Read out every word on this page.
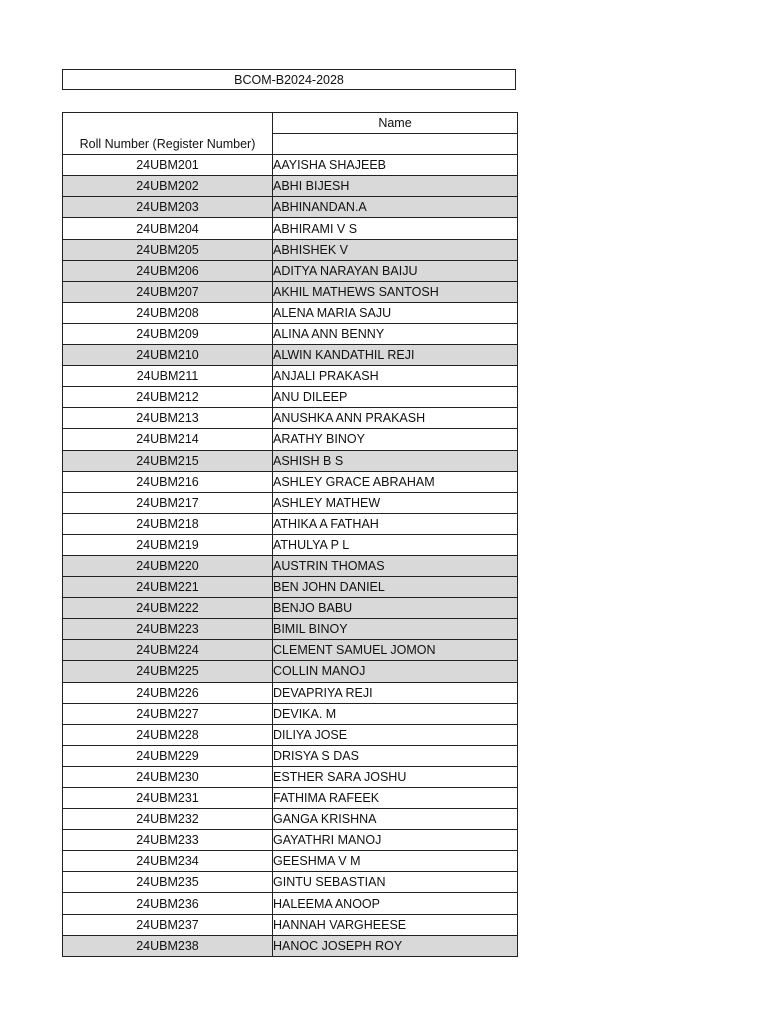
BCOM-B2024-2028
Roll Number (Register Number)	Name

24UBM201	AAYISHA SHAJEEB
24UBM202	ABHI BIJESH
24UBM203	ABHINANDAN.A
24UBM204	ABHIRAMI V S
24UBM205	ABHISHEK V
24UBM206	ADITYA NARAYAN BAIJU
24UBM207	AKHIL MATHEWS SANTOSH
24UBM208	ALENA MARIA SAJU
24UBM209	ALINA ANN BENNY
24UBM210	ALWIN KANDATHIL REJI
24UBM211	ANJALI PRAKASH
24UBM212	ANU DILEEP
24UBM213	ANUSHKA ANN PRAKASH
24UBM214	ARATHY BINOY
24UBM215	ASHISH B S
24UBM216	ASHLEY GRACE ABRAHAM
24UBM217	ASHLEY MATHEW
24UBM218	ATHIKA A FATHAH
24UBM219	ATHULYA P L
24UBM220	AUSTRIN THOMAS
24UBM221	BEN JOHN DANIEL
24UBM222	BENJO BABU
24UBM223	BIMIL BINOY
24UBM224	CLEMENT SAMUEL JOMON
24UBM225	COLLIN MANOJ
24UBM226	DEVAPRIYA REJI
24UBM227	DEVIKA. M
24UBM228	DILIYA JOSE
24UBM229	DRISYA S DAS
24UBM230	ESTHER SARA JOSHU
24UBM231	FATHIMA RAFEEK
24UBM232	GANGA KRISHNA
24UBM233	GAYATHRI MANOJ
24UBM234	GEESHMA V M
24UBM235	GINTU SEBASTIAN
24UBM236	HALEEMA ANOOP
24UBM237	HANNAH VARGHEESE
24UBM238	HANOC JOSEPH ROY
